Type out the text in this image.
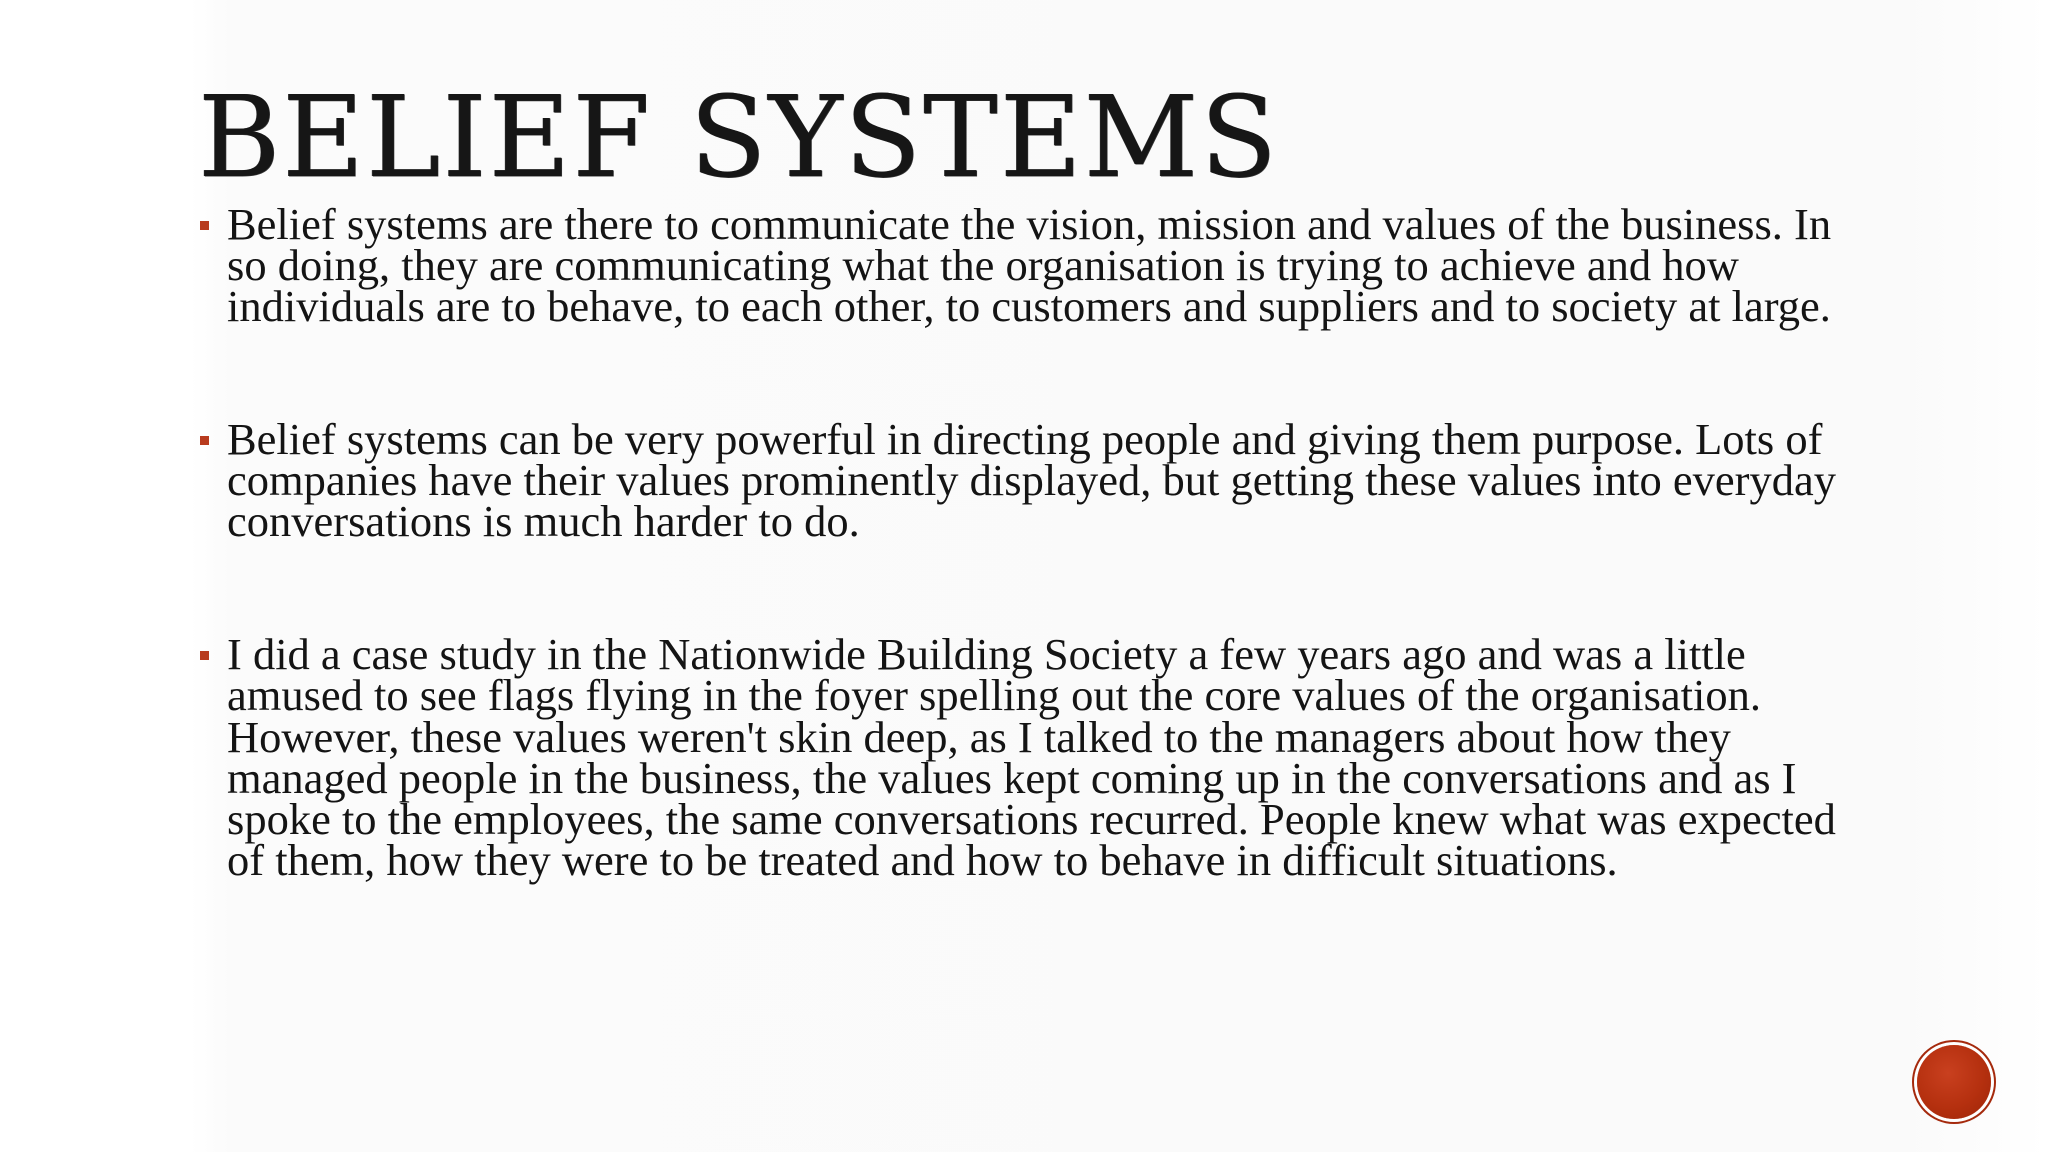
BELIEF SYSTEMS
Belief systems are there to communicate the vision, mission and values of the business. In so doing, they are communicating what the organisation is trying to achieve and how individuals are to behave, to each other, to customers and suppliers and to society at large.
Belief systems can be very powerful in directing people and giving them purpose. Lots of companies have their values prominently displayed, but getting these values into everyday conversations is much harder to do.
I did a case study in the Nationwide Building Society a few years ago and was a little amused to see flags flying in the foyer spelling out the core values of the organisation. However, these values weren't skin deep, as I talked to the managers about how they managed people in the business, the values kept coming up in the conversations and as I spoke to the employees, the same conversations recurred. People knew what was expected of them, how they were to be treated and how to behave in difficult situations.
